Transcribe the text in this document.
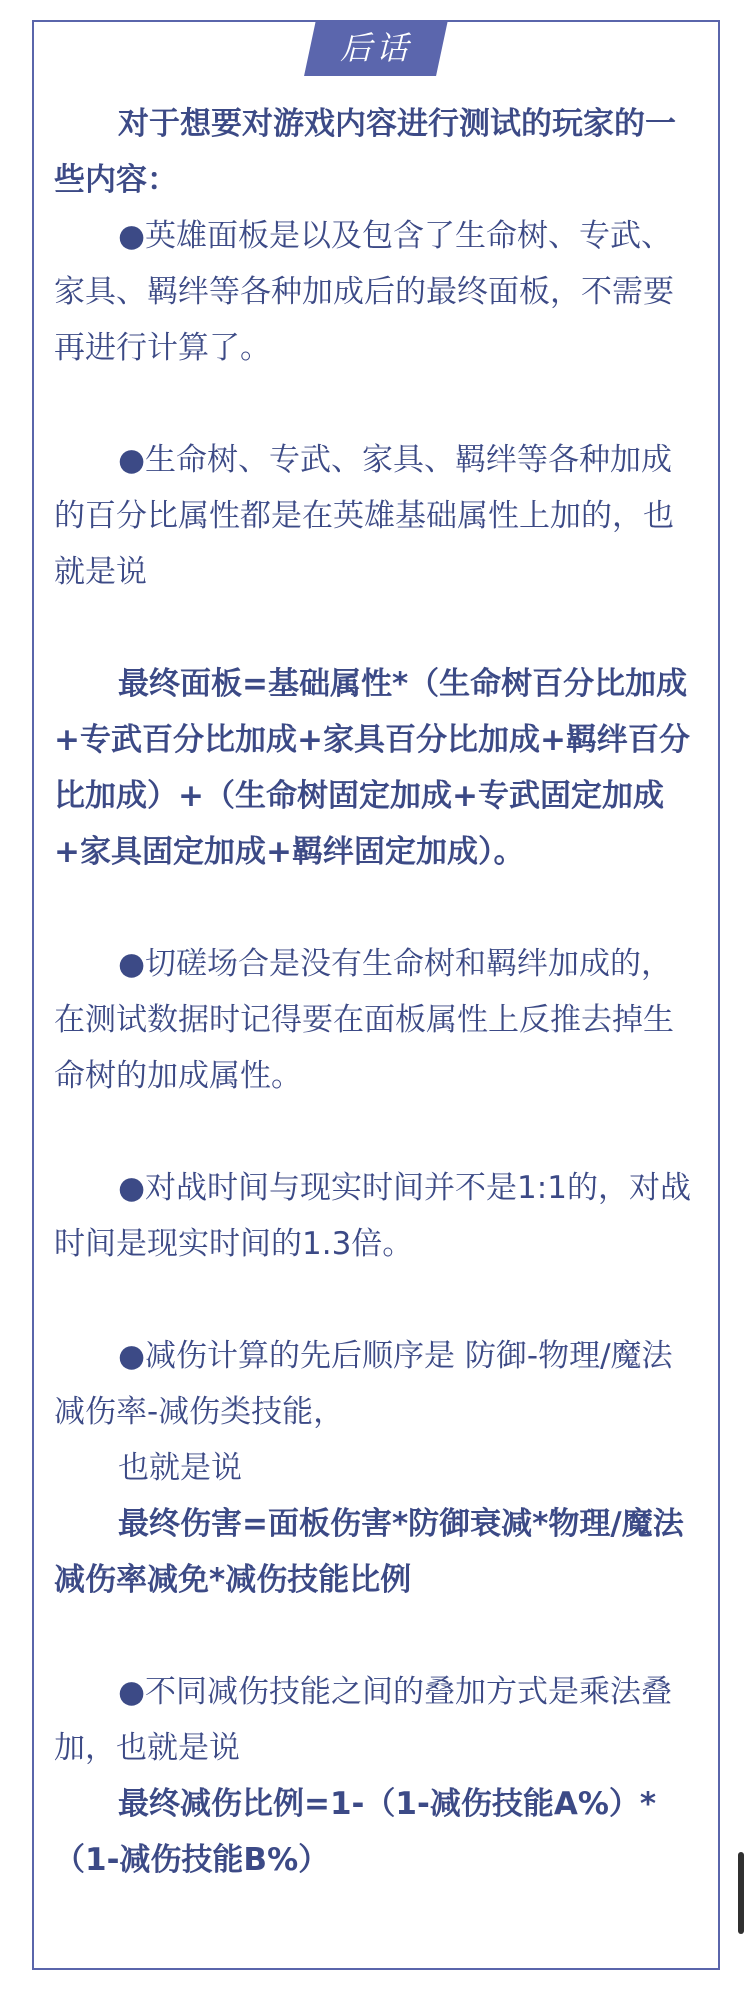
后话

对于想要对游戏内容进行测试的玩家的一些内容：

●英雄面板是以及包含了生命树、专武、家具、羁绊等各种加成后的最终面板，不需要再进行计算了。

●生命树、专武、家具、羁绊等各种加成的百分比属性都是在英雄基础属性上加的，也就是说

最终面板=基础属性*（生命树百分比加成+专武百分比加成+家具百分比加成+羁绊百分比加成）+（生命树固定加成+专武固定加成+家具固定加成+羁绊固定加成）。

●切磋场合是没有生命树和羁绊加成的，在测试数据时记得要在面板属性上反推去掉生命树的加成属性。

●对战时间与现实时间并不是1:1的，对战时间是现实时间的1.3倍。

●减伤计算的先后顺序是 防御-物理/魔法减伤率-减伤类技能，

也就是说

最终伤害=面板伤害*防御衰减*物理/魔法减伤率减免*减伤技能比例

●不同减伤技能之间的叠加方式是乘法叠加，也就是说

最终减伤比例=1-（1-减伤技能A%）*（1-减伤技能B%）
